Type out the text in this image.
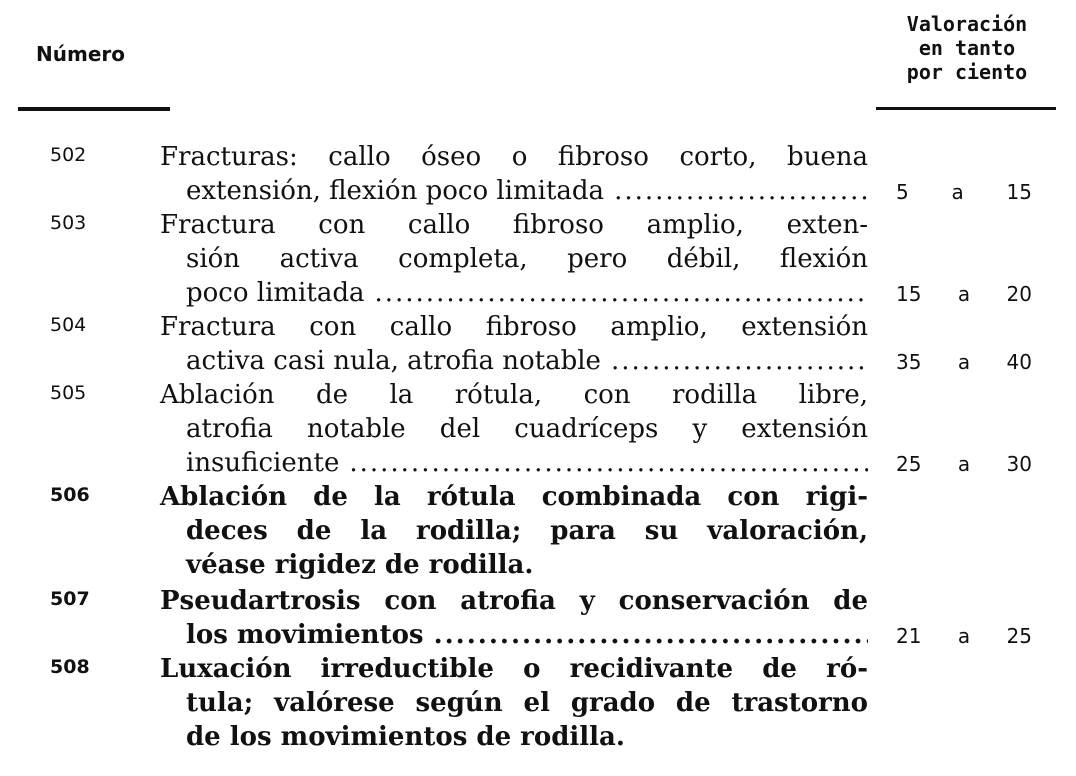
Número
Valoración
en tanto
por ciento
502	Fracturas: callo óseo o fibroso corto, buena
extensión, flexión poco limitada .....	5 a 15
503	Fractura con callo fibroso amplio, exten-
sión activa completa, pero débil, flexión
poco limitada .....	15 a 20
504	Fractura con callo fibroso amplio, extensión
activa casi nula, atrofia notable .....	35 a 40
505	Ablación de la rótula, con rodilla libre,
atrofia notable del cuadríceps y extensión
insuficiente .....	25 a 30
506	Ablación de la rótula combinada con rigi-
deces de la rodilla; para su valoración,
véase rigidez de rodilla.
507	Pseudartrosis con atrofia y conservación de
los movimientos .....	21 a 25
508	Luxación irreductible o recidivante de ró-
tula; valórese según el grado de trastorno
de los movimientos de rodilla.
